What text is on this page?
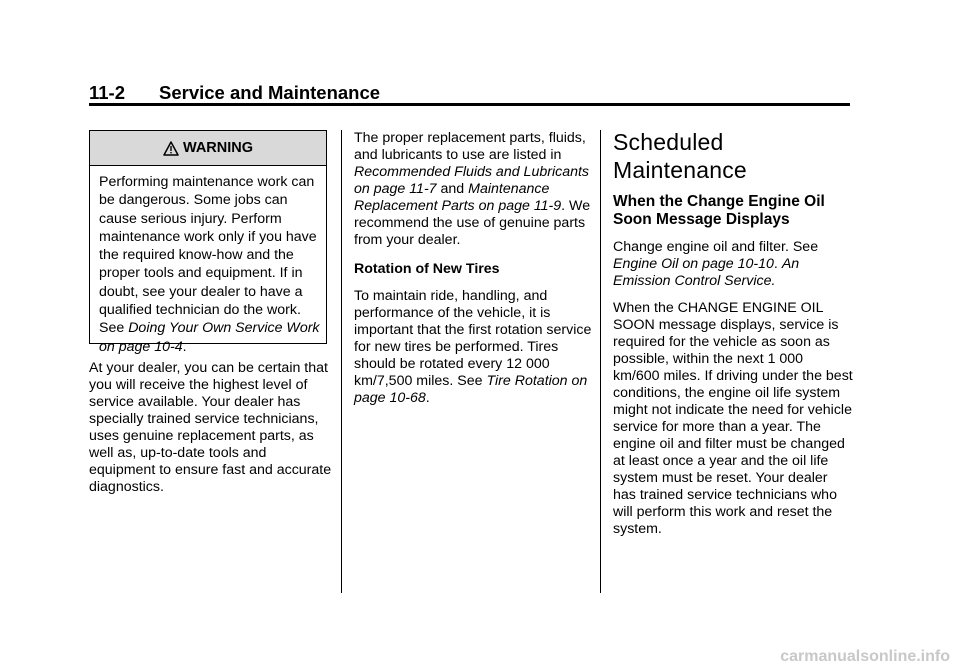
11-2 Service and Maintenance
WARNING
Performing maintenance work can be dangerous. Some jobs can cause serious injury. Perform maintenance work only if you have the required know-how and the proper tools and equipment. If in doubt, see your dealer to have a qualified technician do the work. See Doing Your Own Service Work on page 10-4.

At your dealer, you can be certain that you will receive the highest level of service available. Your dealer has specially trained service technicians, uses genuine replacement parts, as well as, up-to-date tools and equipment to ensure fast and accurate diagnostics.

The proper replacement parts, fluids, and lubricants to use are listed in Recommended Fluids and Lubricants on page 11-7 and Maintenance Replacement Parts on page 11-9. We recommend the use of genuine parts from your dealer.

Rotation of New Tires

To maintain ride, handling, and performance of the vehicle, it is important that the first rotation service for new tires be performed. Tires should be rotated every 12 000 km/7,500 miles. See Tire Rotation on page 10-68.

Scheduled Maintenance
When the Change Engine Oil Soon Message Displays

Change engine oil and filter. See Engine Oil on page 10-10. An Emission Control Service.

When the CHANGE ENGINE OIL SOON message displays, service is required for the vehicle as soon as possible, within the next 1 000 km/600 miles. If driving under the best conditions, the engine oil life system might not indicate the need for vehicle service for more than a year. The engine oil and filter must be changed at least once a year and the oil life system must be reset. Your dealer has trained service technicians who will perform this work and reset the system.

carmanualsonline.info
